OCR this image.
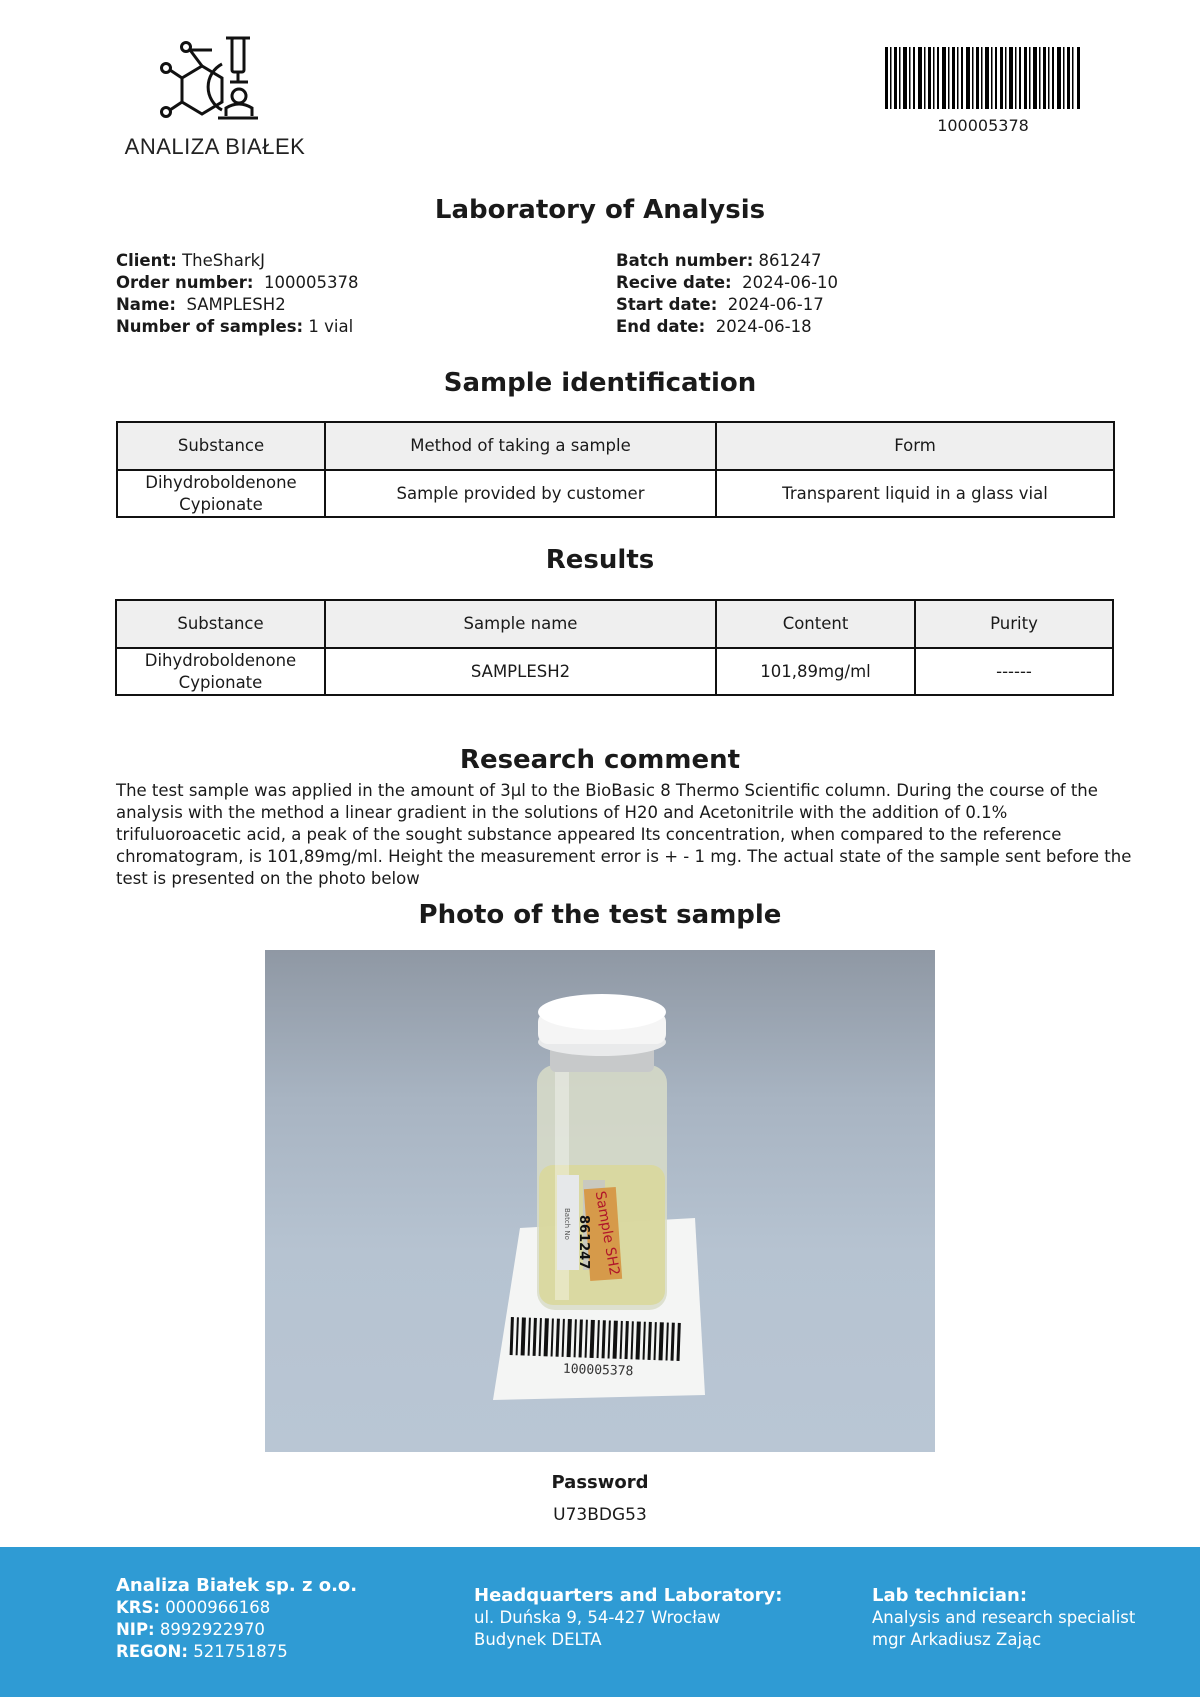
ANALIZA BIAŁEK
100005378
Laboratory of Analysis
Client: TheSharkJ
Order number: 100005378
Name: SAMPLESH2
Number of samples: 1 vial
Batch number: 861247
Recive date: 2024-06-10
Start date: 2024-06-17
End date: 2024-06-18
Sample identification
Substance	Method of taking a sample	Form
Dihydroboldenone Cypionate	Sample provided by customer	Transparent liquid in a glass vial
Results
Substance	Sample name	Content	Purity
Dihydroboldenone Cypionate	SAMPLESH2	101,89mg/ml	------
Research comment
The test sample was applied in the amount of 3μl to the BioBasic 8 Thermo Scientific column. During the course of the analysis with the method a linear gradient in the solutions of H20 and Acetonitrile with the addition of 0.1% trifuluoroacetic acid, a peak of the sought substance appeared Its concentration, when compared to the reference chromatogram, is 101,89mg/ml. Height the measurement error is + - 1 mg. The actual state of the sample sent before the test is presented on the photo below
Photo of the test sample
Sample SH2
Batch No 861247
100005378
Password
U73BDG53
Analiza Białek sp. z o.o.
KRS: 0000966168
NIP: 8992922970
REGON: 521751875
Headquarters and Laboratory:
ul. Duńska 9, 54-427 Wrocław
Budynek DELTA
Lab technician:
Analysis and research specialist
mgr Arkadiusz Zając
